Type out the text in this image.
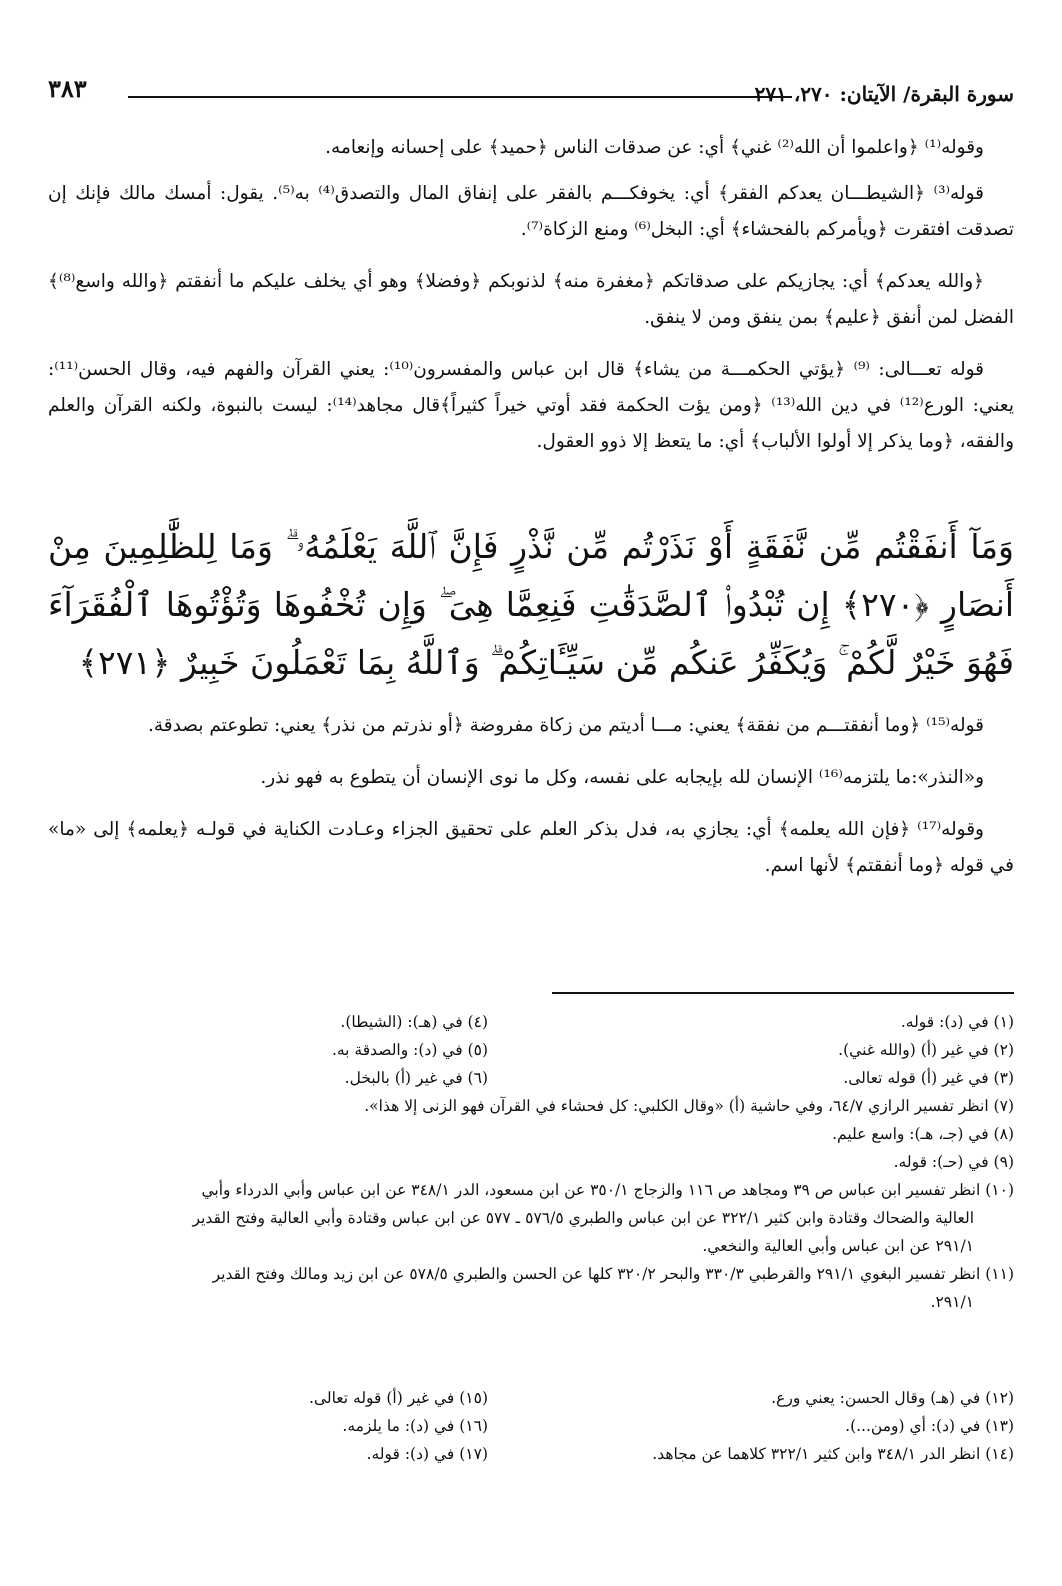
سورة البقرة/ الآيتان: ٢٧٠، ٢٧١
٣٨٣

وقوله⁽¹⁾ ﴿واعلموا أن الله⁽²⁾ غني﴾ أي: عن صدقات الناس ﴿حميد﴾ على إحسانه وإنعامه.

قوله⁽³⁾ ﴿الشيطـــان يعدكم الفقر﴾ أي: يخوفكـــم بالفقر على إنفاق المال والتصدق⁽⁴⁾ به⁽⁵⁾. يقول: أمسك مالك فإنك إن تصدقت افتقرت ﴿ويأمركم بالفحشاء﴾ أي: البخل⁽⁶⁾ ومنع الزكاة⁽⁷⁾.

﴿والله يعدكم﴾ أي: يجازيكم على صدقاتكم ﴿مغفرة منه﴾ لذنوبكم ﴿وفضلا﴾ وهو أي يخلف عليكم ما أنفقتم ﴿والله واسع⁽⁸⁾﴾ الفضل لمن أنفق ﴿عليم﴾ بمن ينفق ومن لا ينفق.

قوله تعـــالى: ⁽⁹⁾ ﴿يؤتي الحكمـــة من يشاء﴾ قال ابن عباس والمفسرون⁽¹⁰⁾: يعني القرآن والفهم فيه، وقال الحسن⁽¹¹⁾: يعني: الورع⁽¹²⁾ في دين الله⁽¹³⁾ ﴿ومن يؤت الحكمة فقد أوتي خيراً كثيراً﴾قال مجاهد⁽¹⁴⁾: ليست بالنبوة، ولكنه القرآن والعلم والفقه، ﴿وما يذكر إلا أولوا الألباب﴾ أي: ما يتعظ إلا ذوو العقول.

وَمَآ أَنفَقْتُم مِّن نَّفَقَةٍ أَوْ نَذَرْتُم مِّن نَّذْرٍ فَإِنَّ ٱللَّهَ يَعْلَمُهُۥ ۗ وَمَا لِلظَّٰلِمِينَ مِنْ أَنصَارٍ ﴿٢٧٠﴾ إِن تُبْدُوا۟ ٱلصَّدَقَٰتِ فَنِعِمَّا هِىَ ۖ وَإِن تُخْفُوهَا وَتُؤْتُوهَا ٱلْفُقَرَآءَ فَهُوَ خَيْرٌ لَّكُمْ ۚ وَيُكَفِّرُ عَنكُم مِّن سَيِّـَٔاتِكُمْ ۗ وَٱللَّهُ بِمَا تَعْمَلُونَ خَبِيرٌ ﴿٢٧١﴾

قوله⁽¹⁵⁾ ﴿وما أنفقتـــم من نفقة﴾ يعني: مـــا أديتم من زكاة مفروضة ﴿أو نذرتم من نذر﴾ يعني: تطوعتم بصدقة.

و«النذر»:ما يلتزمه⁽¹⁶⁾ الإنسان لله بإيجابه على نفسه، وكل ما نوى الإنسان أن يتطوع به فهو نذر.

وقوله⁽¹⁷⁾ ﴿فإن الله يعلمه﴾ أي: يجازي به، فدل بذكر العلم على تحقيق الجزاء وعـادت الكناية في قولـه ﴿يعلمه﴾ إلى «ما» في قوله ﴿وما أنفقتم﴾ لأنها اسم.

(١) في (د): قوله.
(٢) في غير (أ) (والله غني).
(٣) في غير (أ) قوله تعالى.
(٤) في (هـ): (الشيطا).
(٥) في (د): والصدقة به.
(٦) في غير (أ) بالبخل.
(٧) انظر تفسير الرازي ٦٤/٧، وفي حاشية (أ) «وقال الكلبي: كل فحشاء في القرآن فهو الزنى إلا هذا».
(٨) في (جـ، هـ): واسع عليم.
(٩) في (حـ): قوله.
(١٠) انظر تفسير ابن عباس ص ٣٩ ومجاهد ص ١١٦ والزجاج ٣٥٠/١ عن ابن مسعود، الدر ٣٤٨/١ عن ابن عباس وأبي الدرداء وأبي
العالية والضحاك وقتادة وابن كثير ٣٢٢/١ عن ابن عباس والطبري ٥٧٦/٥ ـ ٥٧٧ عن ابن عباس وقتادة وأبي العالية وفتح القدير
٢٩١/١ عن ابن عباس وأبي العالية والنخعي.
(١١) انظر تفسير البغوي ٢٩١/١ والقرطبي ٣٣٠/٣ والبحر ٣٢٠/٢ كلها عن الحسن والطبري ٥٧٨/٥ عن ابن زيد ومالك وفتح القدير
٢٩١/١.
(١٢) في (هـ) وقال الحسن: يعني ورع.
(١٣) في (د): أي (ومن...).
(١٤) انظر الدر ٣٤٨/١ وابن كثير ٣٢٢/١ كلاهما عن مجاهد.
(١٥) في غير (أ) قوله تعالى.
(١٦) في (د): ما يلزمه.
(١٧) في (د): قوله.
